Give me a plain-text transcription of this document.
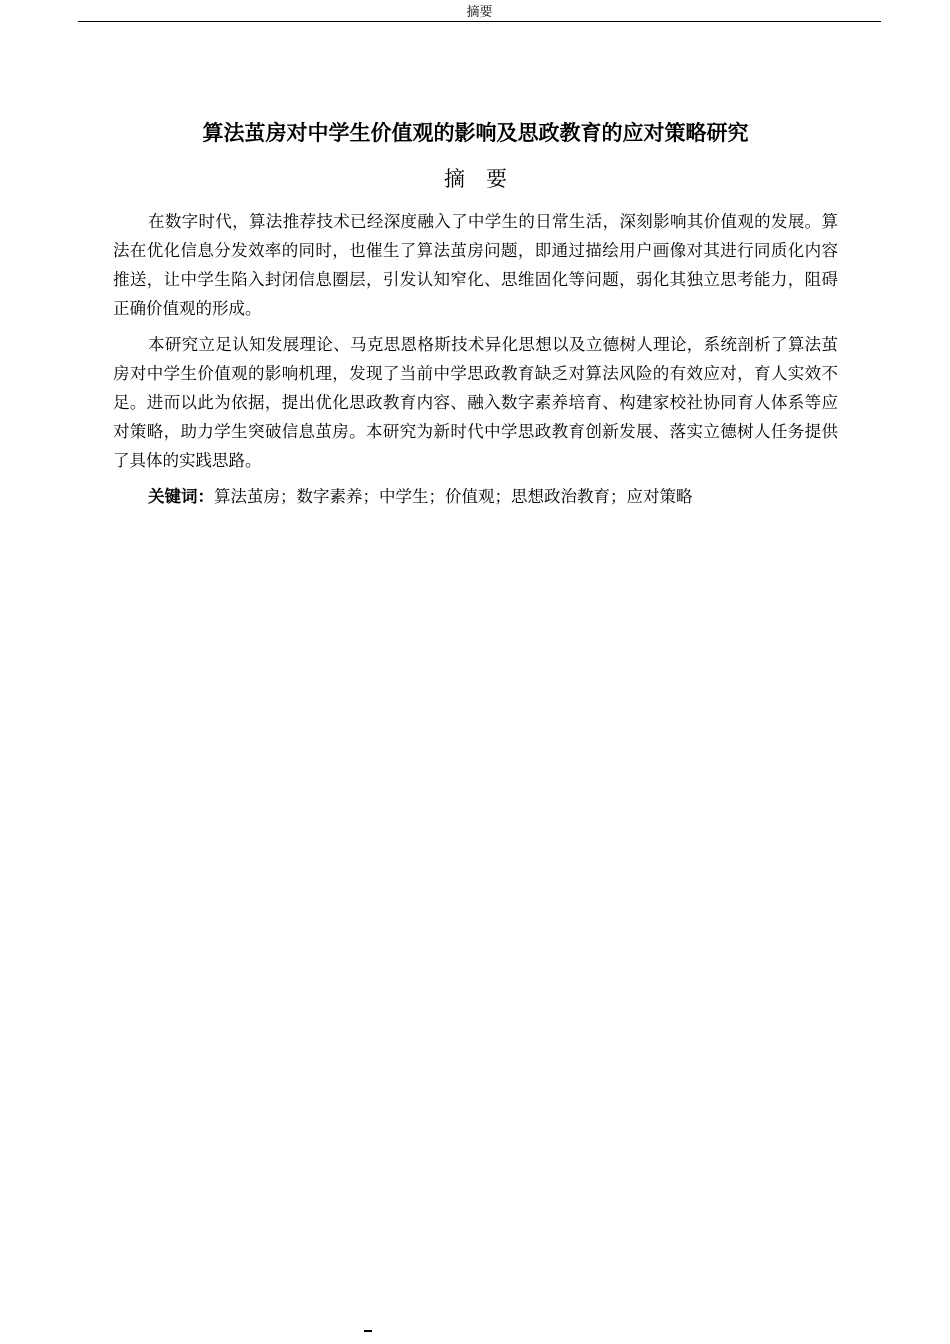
摘要
算法茧房对中学生价值观的影响及思政教育的应对策略研究
摘要

在数字时代，算法推荐技术已经深度融入了中学生的日常生活，深刻影响其价值观的发展。算法在优化信息分发效率的同时，也催生了算法茧房问题，即通过描绘用户画像对其进行同质化内容推送，让中学生陷入封闭信息圈层，引发认知窄化、思维固化等问题，弱化其独立思考能力，阻碍正确价值观的形成。

本研究立足认知发展理论、马克思恩格斯技术异化思想以及立德树人理论，系统剖析了算法茧房对中学生价值观的影响机理，发现了当前中学思政教育缺乏对算法风险的有效应对，育人实效不足。进而以此为依据，提出优化思政教育内容、融入数字素养培育、构建家校社协同育人体系等应对策略，助力学生突破信息茧房。本研究为新时代中学思政教育创新发展、落实立德树人任务提供了具体的实践思路。

关键词：算法茧房；数字素养；中学生；价值观；思想政治教育；应对策略
